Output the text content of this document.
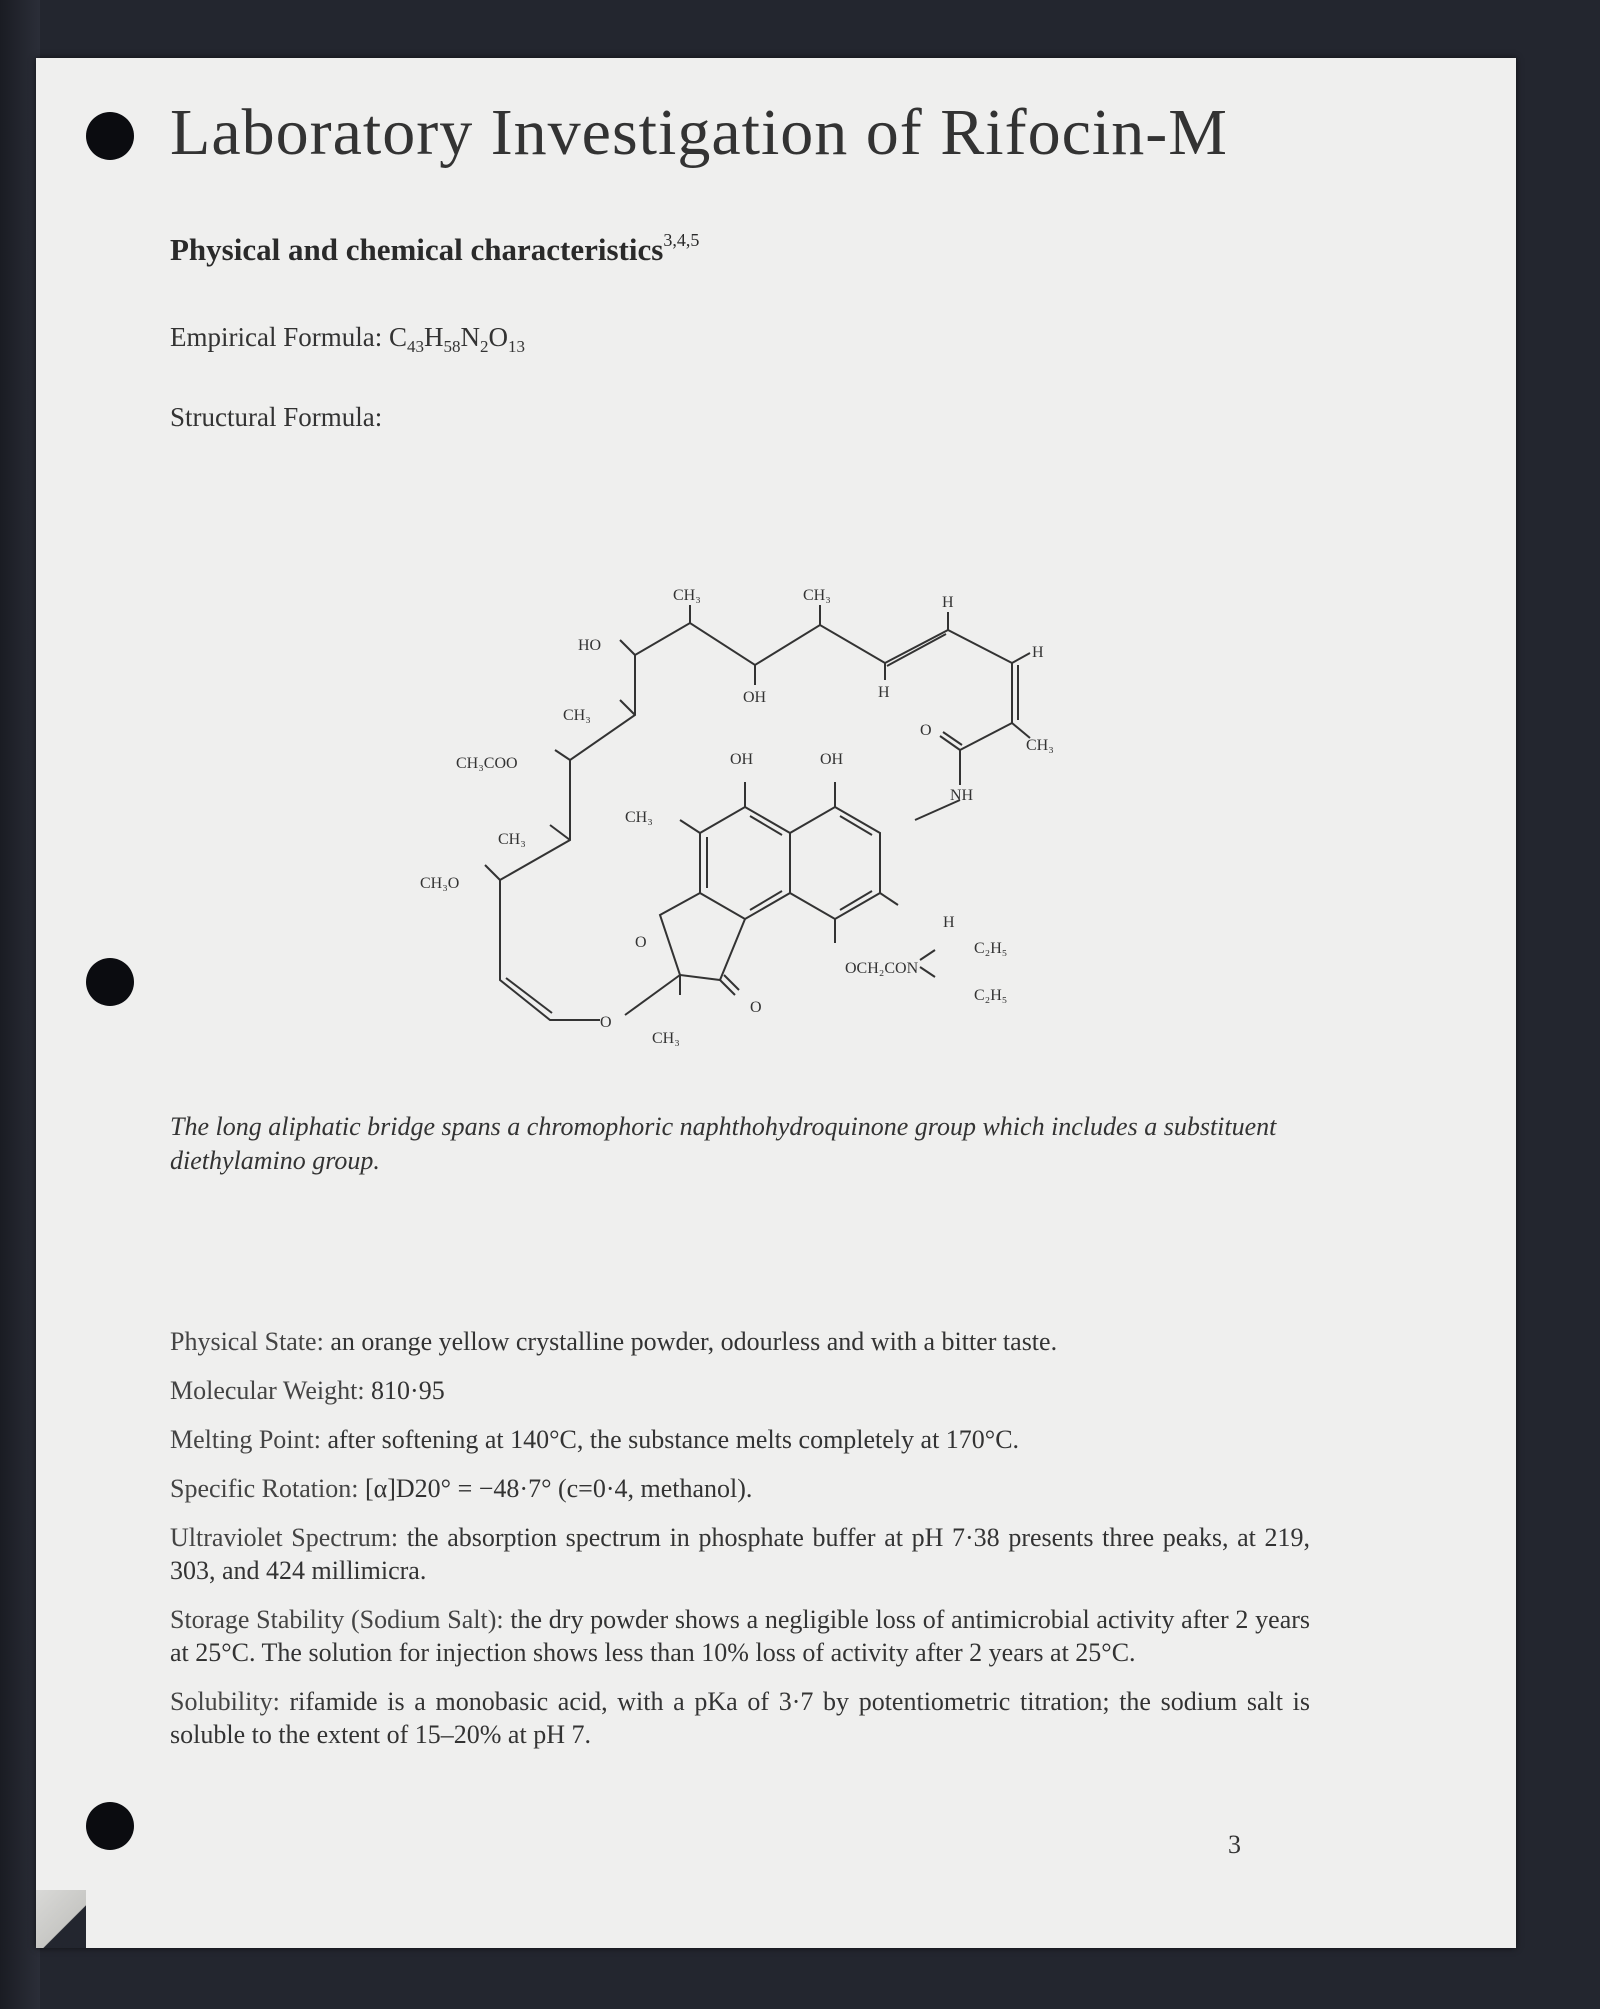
Laboratory Investigation of Rifocin-M
Physical and chemical characteristics$^{3,4,5}$

Empirical Formula: $C_{43}H_{58}N_2O_{13}$

Structural Formula:

CH₃	CH₃	H
H
HO
OH	H
O
CH₃
CH₃
CH₃COO	OH	OH
NH
CH₃
CH₃
CH₃O
H
O	C₂H₅
OCH₂CON
C₂H₅
O
O
CH₃

The long aliphatic bridge spans a chromophoric naphthohydroquinone group which includes a substituent diethylamino group.

Physical State: an orange yellow crystalline powder, odourless and with a bitter taste.

Molecular Weight: 810·95

Melting Point: after softening at 140°C, the substance melts completely at 170°C.

Specific Rotation: [α]D20° = −48·7° (c=0·4, methanol).

Ultraviolet Spectrum: the absorption spectrum in phosphate buffer at pH 7·38 presents three peaks, at 219, 303, and 424 millimicra.

Storage Stability (Sodium Salt): the dry powder shows a negligible loss of antimicrobial activity after 2 years at 25°C. The solution for injection shows less than 10% loss of activity after 2 years at 25°C.

Solubility: rifamide is a monobasic acid, with a pKa of 3·7 by potentiometric titration; the sodium salt is soluble to the extent of 15–20% at pH 7.

3
